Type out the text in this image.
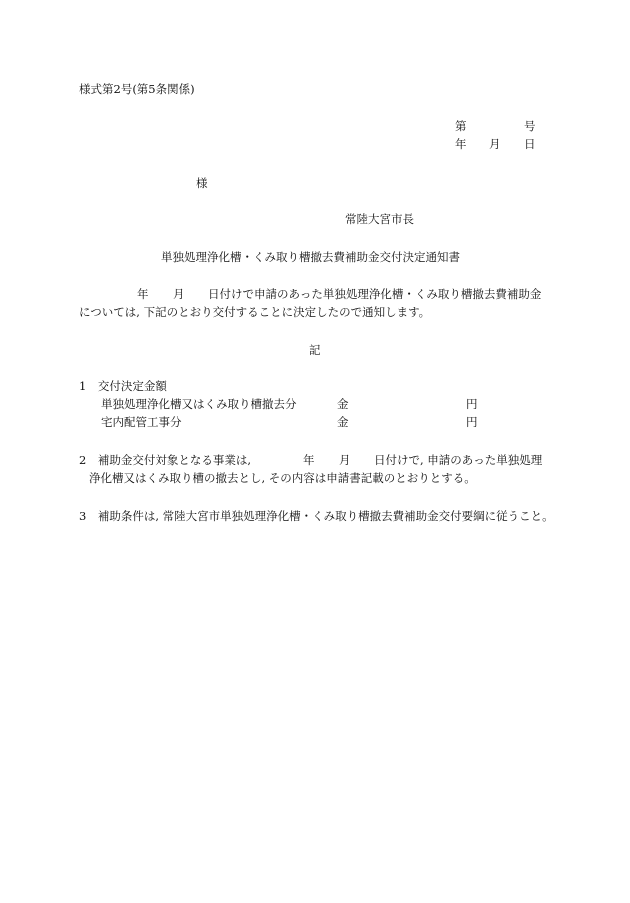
様式第2号(第5条関係)
第	号
年 月 日
様
常陸大宮市長
単独処理浄化槽・くみ取り槽撤去費補助金交付決定通知書
年 月 日付けで申請のあった単独処理浄化槽・くみ取り槽撤去費補助金
については, 下記のとおり交付することに決定したので通知します。
記
1　交付決定金額
単独処理浄化槽又はくみ取り槽撤去分	金	円
宅内配管工事分	金	円
2　補助金交付対象となる事業は,	年 月 日付けで, 申請のあった単独処理
浄化槽又はくみ取り槽の撤去とし, その内容は申請書記載のとおりとする。
3　補助条件は, 常陸大宮市単独処理浄化槽・くみ取り槽撤去費補助金交付要綱に従うこと。
